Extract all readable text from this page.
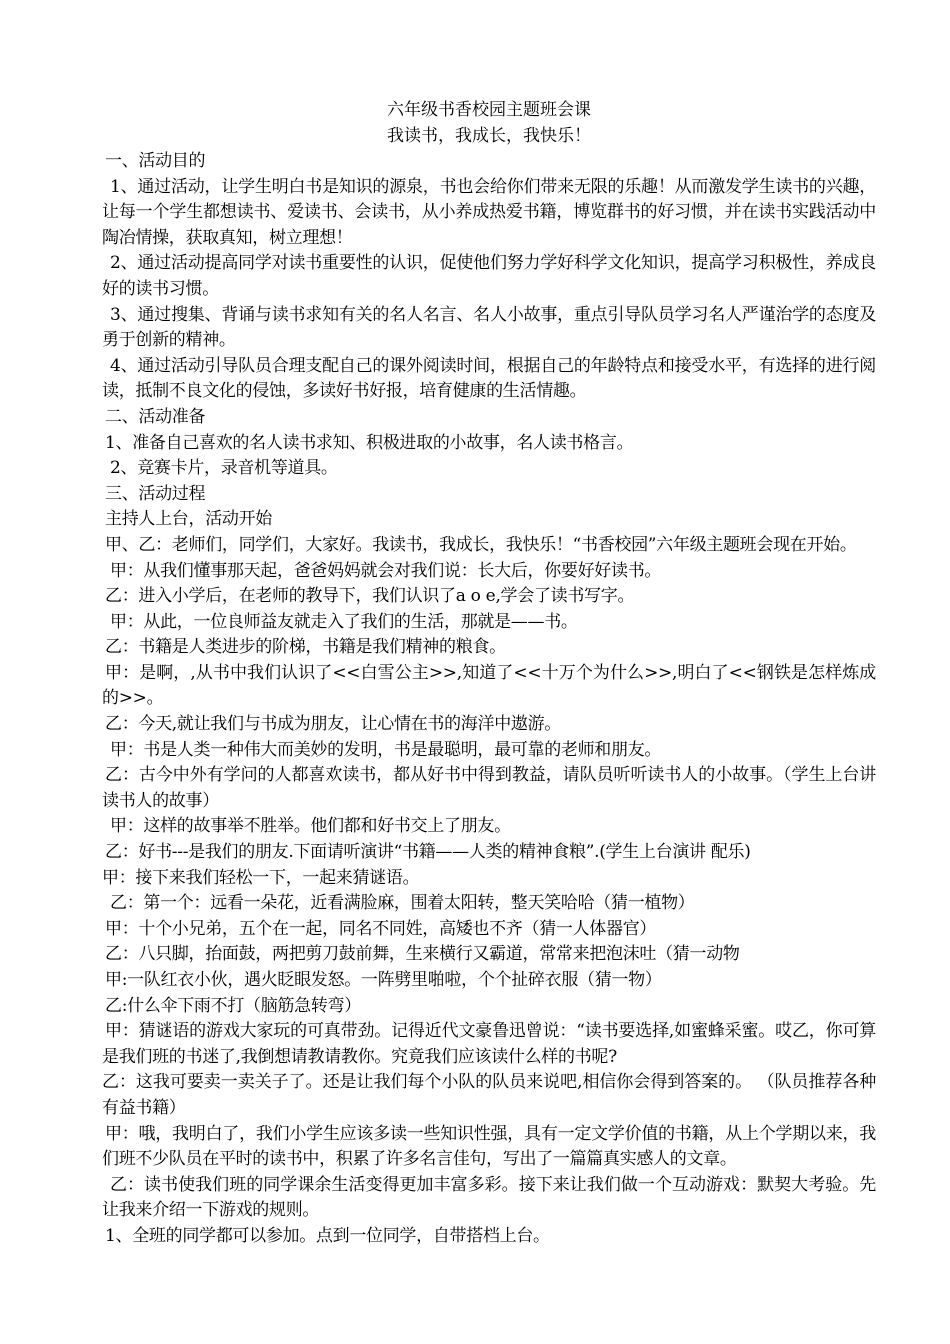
六年级书香校园主题班会课

我读书，我成长，我快乐！

一、活动目的

1、通过活动，让学生明白书是知识的源泉，书也会给你们带来无限的乐趣！从而激发学生读书的兴趣，让每一个学生都想读书、爱读书、会读书，从小养成热爱书籍，博览群书的好习惯，并在读书实践活动中陶冶情操，获取真知，树立理想！

2、通过活动提高同学对读书重要性的认识，促使他们努力学好科学文化知识，提高学习积极性，养成良好的读书习惯。

3、通过搜集、背诵与读书求知有关的名人名言、名人小故事，重点引导队员学习名人严谨治学的态度及勇于创新的精神。

4、通过活动引导队员合理支配自己的课外阅读时间，根据自己的年龄特点和接受水平，有选择的进行阅读，抵制不良文化的侵蚀，多读好书好报，培育健康的生活情趣。

二、活动准备

1、准备自己喜欢的名人读书求知、积极进取的小故事，名人读书格言。

2、竞赛卡片，录音机等道具。

三、活动过程

主持人上台，活动开始

甲、乙：老师们，同学们，大家好。我读书，我成长，我快乐！“书香校园”六年级主题班会现在开始。

甲：从我们懂事那天起，爸爸妈妈就会对我们说：长大后，你要好好读书。

乙：进入小学后，在老师的教导下，我们认识了a o e,学会了读书写字。

甲：从此，一位良师益友就走入了我们的生活，那就是——书。

乙：书籍是人类进步的阶梯，书籍是我们精神的粮食。

甲：是啊，,从书中我们认识了<<白雪公主>>,知道了<<十万个为什么>>,明白了<<钢铁是怎样炼成的>>。

乙：今天,就让我们与书成为朋友，让心情在书的海洋中遨游。

甲：书是人类一种伟大而美妙的发明，书是最聪明，最可靠的老师和朋友。

乙：古今中外有学问的人都喜欢读书，都从好书中得到教益，请队员听听读书人的小故事。（学生上台讲读书人的故事）

甲：这样的故事举不胜举。他们都和好书交上了朋友。

乙：好书---是我们的朋友.下面请听演讲“书籍——人类的精神食粮”.(学生上台演讲 配乐)

甲：接下来我们轻松一下，一起来猜谜语。

乙：第一个：远看一朵花，近看满脸麻，围着太阳转，整天笑哈哈（猜一植物）

甲：十个小兄弟，五个在一起，同名不同姓，高矮也不齐（猜一人体器官）

乙：八只脚，抬面鼓，两把剪刀鼓前舞，生来横行又霸道，常常来把泡沫吐（猜一动物

甲:一队红衣小伙，遇火眨眼发怒。一阵劈里啪啦，个个扯碎衣服（猜一物）

乙:什么伞下雨不打（脑筋急转弯）

甲：猜谜语的游戏大家玩的可真带劲。记得近代文豪鲁迅曾说：“读书要选择,如蜜蜂采蜜。哎乙，你可算是我们班的书迷了,我倒想请教请教你。究竟我们应该读什么样的书呢?

乙：这我可要卖一卖关子了。还是让我们每个小队的队员来说吧,相信你会得到答案的。 （队员推荐各种有益书籍）

甲：哦，我明白了，我们小学生应该多读一些知识性强，具有一定文学价值的书籍，从上个学期以来，我们班不少队员在平时的读书中，积累了许多名言佳句，写出了一篇篇真实感人的文章。

乙：读书使我们班的同学课余生活变得更加丰富多彩。接下来让我们做一个互动游戏：默契大考验。先让我来介绍一下游戏的规则。

1、全班的同学都可以参加。点到一位同学，自带搭档上台。
